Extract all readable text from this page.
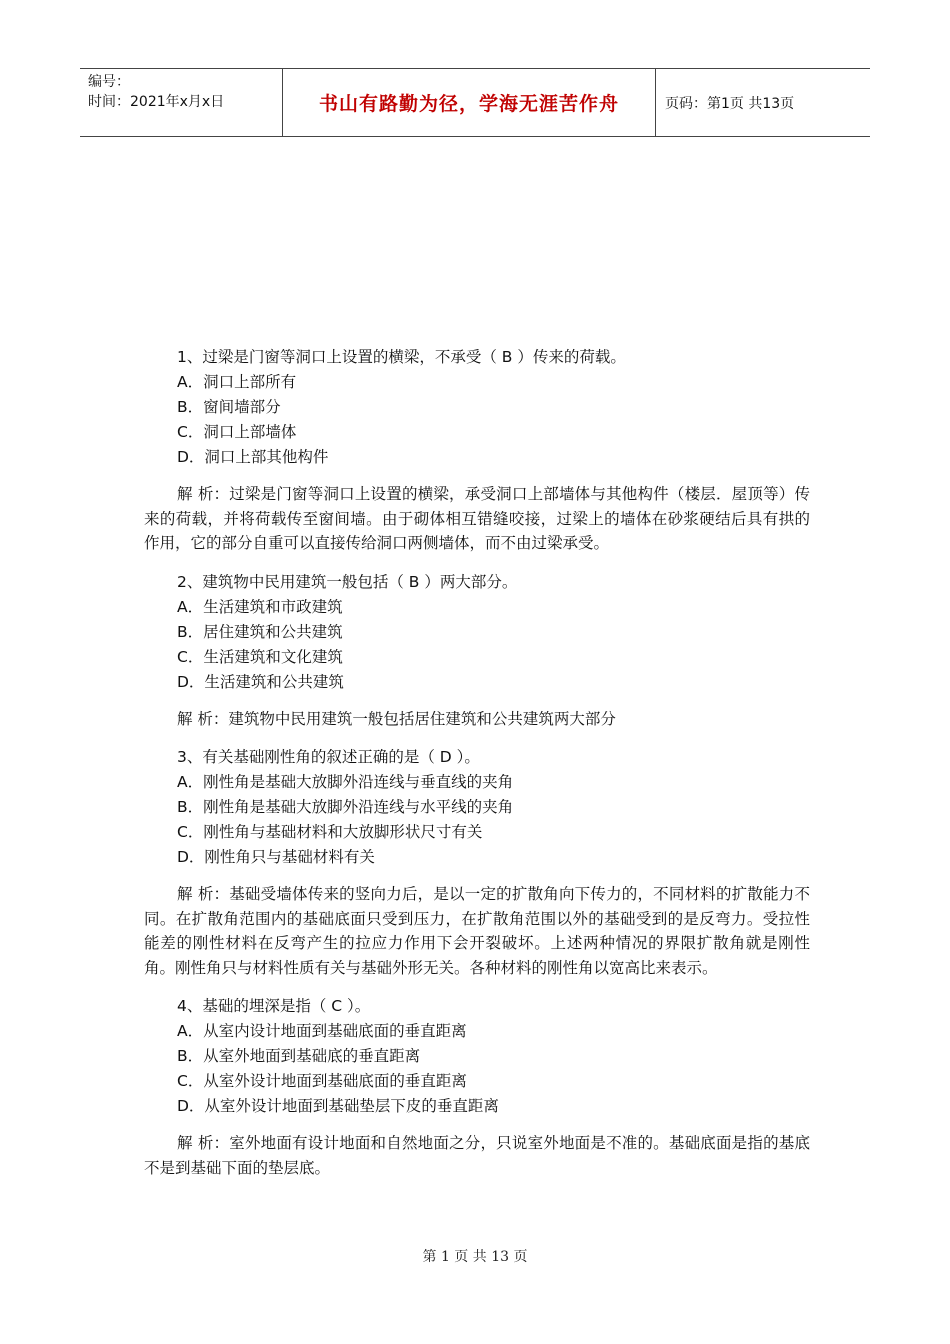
编号：
时间：2021年x月x日	书山有路勤为径，学海无涯苦作舟	页码：第1页 共13页

1、过梁是门窗等洞口上设置的横梁，不承受（ B ）传来的荷载。

A．洞口上部所有

B．窗间墙部分

C．洞口上部墙体

D．洞口上部其他构件

解 析：过梁是门窗等洞口上设置的横梁，承受洞口上部墙体与其他构件（楼层．屋顶等）传来的荷载，并将荷载传至窗间墙。由于砌体相互错缝咬接，过梁上的墙体在砂浆硬结后具有拱的作用，它的部分自重可以直接传给洞口两侧墙体，而不由过梁承受。

2、建筑物中民用建筑一般包括（ B ）两大部分。

A．生活建筑和市政建筑

B．居住建筑和公共建筑

C．生活建筑和文化建筑

D．生活建筑和公共建筑

解 析：建筑物中民用建筑一般包括居住建筑和公共建筑两大部分

3、有关基础刚性角的叙述正确的是（ D ）。

A．刚性角是基础大放脚外沿连线与垂直线的夹角

B．刚性角是基础大放脚外沿连线与水平线的夹角

C．刚性角与基础材料和大放脚形状尺寸有关

D．刚性角只与基础材料有关

解 析：基础受墙体传来的竖向力后，是以一定的扩散角向下传力的，不同材料的扩散能力不同。在扩散角范围内的基础底面只受到压力，在扩散角范围以外的基础受到的是反弯力。受拉性能差的刚性材料在反弯产生的拉应力作用下会开裂破坏。上述两种情况的界限扩散角就是刚性角。刚性角只与材料性质有关与基础外形无关。各种材料的刚性角以宽高比来表示。

4、基础的埋深是指（ C ）。

A．从室内设计地面到基础底面的垂直距离

B．从室外地面到基础底的垂直距离

C．从室外设计地面到基础底面的垂直距离

D．从室外设计地面到基础垫层下皮的垂直距离

解 析：室外地面有设计地面和自然地面之分，只说室外地面是不准的。基础底面是指的基底不是到基础下面的垫层底。

第 1 页 共 13 页
